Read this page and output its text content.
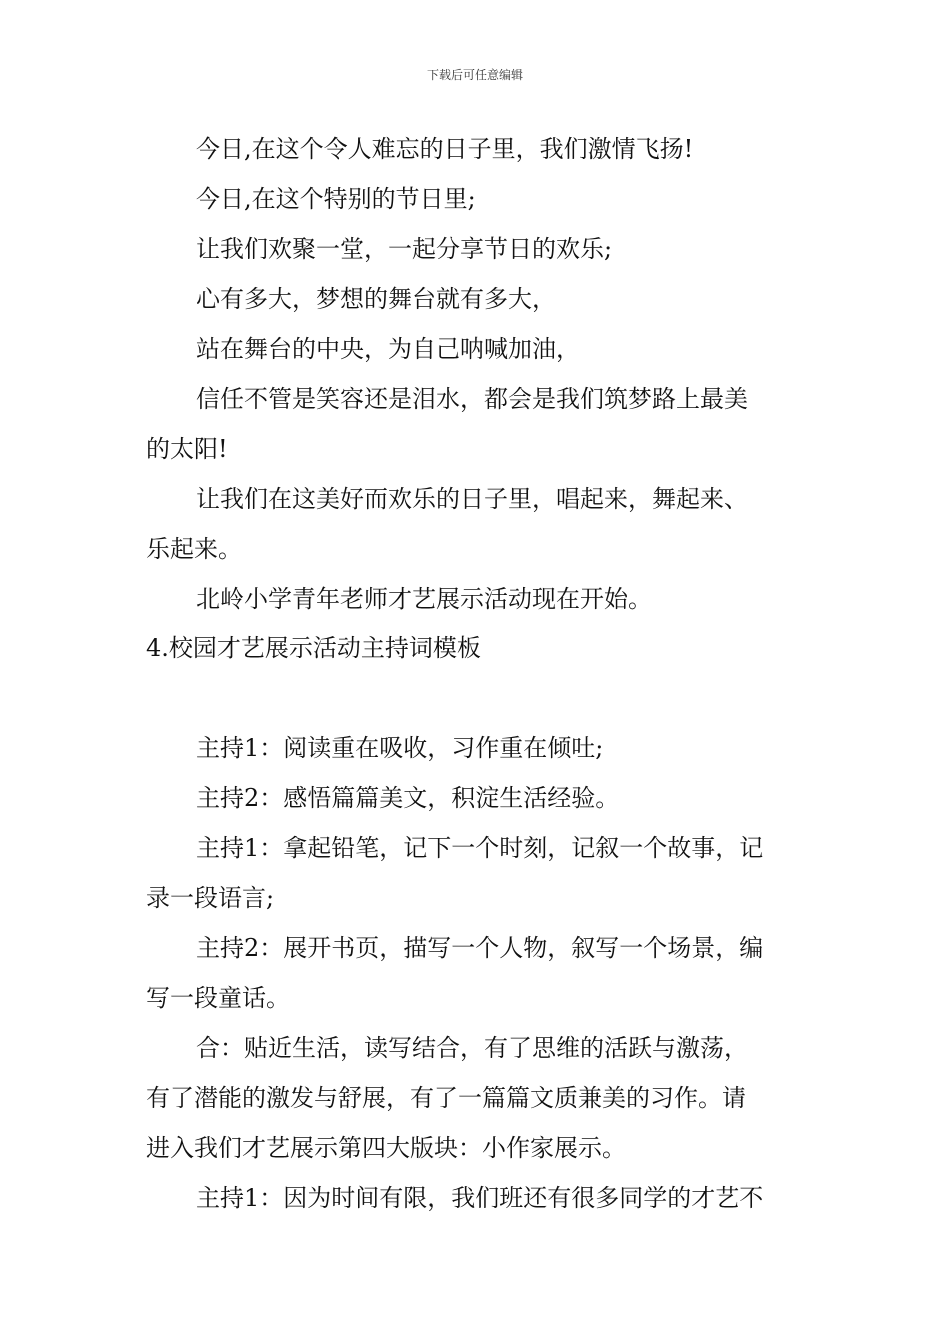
下载后可任意编辑
今日,在这个令人难忘的日子里，我们激情飞扬!
今日,在这个特别的节日里;
让我们欢聚一堂，一起分享节日的欢乐;
心有多大，梦想的舞台就有多大，
站在舞台的中央，为自己呐喊加油，
信任不管是笑容还是泪水，都会是我们筑梦路上最美
的太阳!
让我们在这美好而欢乐的日子里，唱起来，舞起来、
乐起来。
北岭小学青年老师才艺展示活动现在开始。
4.校园才艺展示活动主持词模板
主持1：阅读重在吸收，习作重在倾吐;
主持2：感悟篇篇美文，积淀生活经验。
主持1：拿起铅笔，记下一个时刻，记叙一个故事，记
录一段语言;
主持2：展开书页，描写一个人物，叙写一个场景，编
写一段童话。
合：贴近生活，读写结合，有了思维的活跃与激荡，
有了潜能的激发与舒展，有了一篇篇文质兼美的习作。请
进入我们才艺展示第四大版块：小作家展示。
主持1：因为时间有限，我们班还有很多同学的才艺不
